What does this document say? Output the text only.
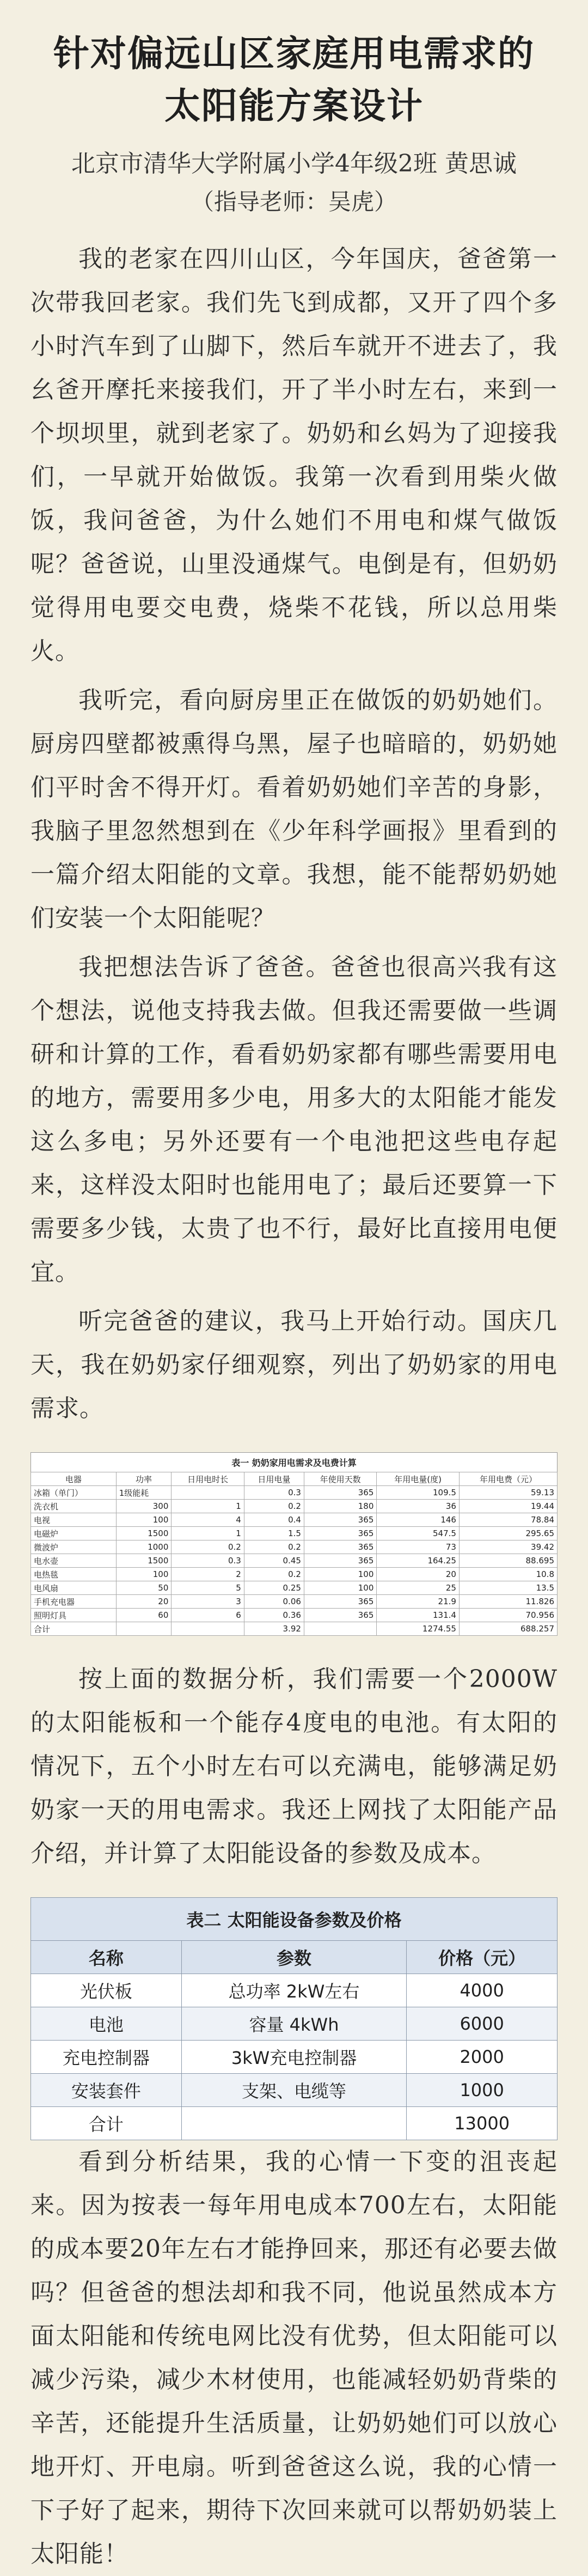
针对偏远山区家庭用电需求的
太阳能方案设计

北京市清华大学附属小学4年级2班 黄思诚

（指导老师：吴虎）

我的老家在四川山区，今年国庆，爸爸第一次带我回老家。我们先飞到成都，又开了四个多小时汽车到了山脚下，然后车就开不进去了，我幺爸开摩托来接我们，开了半小时左右，来到一个坝坝里，就到老家了。奶奶和幺妈为了迎接我们，一早就开始做饭。我第一次看到用柴火做饭，我问爸爸，为什么她们不用电和煤气做饭呢？爸爸说，山里没通煤气。电倒是有，但奶奶觉得用电要交电费，烧柴不花钱，所以总用柴火。

我听完，看向厨房里正在做饭的奶奶她们。厨房四壁都被熏得乌黑，屋子也暗暗的，奶奶她们平时舍不得开灯。看着奶奶她们辛苦的身影，我脑子里忽然想到在《少年科学画报》里看到的一篇介绍太阳能的文章。我想，能不能帮奶奶她们安装一个太阳能呢？

我把想法告诉了爸爸。爸爸也很高兴我有这个想法，说他支持我去做。但我还需要做一些调研和计算的工作，看看奶奶家都有哪些需要用电的地方，需要用多少电，用多大的太阳能才能发这么多电；另外还要有一个电池把这些电存起来，这样没太阳时也能用电了；最后还要算一下需要多少钱，太贵了也不行，最好比直接用电便宜。

听完爸爸的建议，我马上开始行动。国庆几天，我在奶奶家仔细观察，列出了奶奶家的用电需求。

表一 奶奶家用电需求及电费计算
电器	功率	日用电时长	日用电量	年使用天数	年用电量(度)	年用电费（元）
冰箱（单门）	1级能耗		0.3	365	109.5	59.13
洗衣机	300	1	0.2	180	36	19.44
电视	100	4	0.4	365	146	78.84
电磁炉	1500	1	1.5	365	547.5	295.65
微波炉	1000	0.2	0.2	365	73	39.42
电水壶	1500	0.3	0.45	365	164.25	88.695
电热毯	100	2	0.2	100	20	10.8
电风扇	50	5	0.25	100	25	13.5
手机充电器	20	3	0.06	365	21.9	11.826
照明灯具	60	6	0.36	365	131.4	70.956
合计			3.92		1274.55	688.257

按上面的数据分析，我们需要一个2000W的太阳能板和一个能存4度电的电池。有太阳的情况下，五个小时左右可以充满电，能够满足奶奶家一天的用电需求。我还上网找了太阳能产品介绍，并计算了太阳能设备的参数及成本。

表二 太阳能设备参数及价格
名称	参数	价格（元）
光伏板	总功率 2kW左右	4000
电池	容量 4kWh	6000
充电控制器	3kW充电控制器	2000
安装套件	支架、电缆等	1000
合计		13000

看到分析结果，我的心情一下变的沮丧起来。因为按表一每年用电成本700左右，太阳能的成本要20年左右才能挣回来，那还有必要去做吗？但爸爸的想法却和我不同，他说虽然成本方面太阳能和传统电网比没有优势，但太阳能可以减少污染，减少木材使用，也能减轻奶奶背柴的辛苦，还能提升生活质量，让奶奶她们可以放心地开灯、开电扇。听到爸爸这么说，我的心情一下子好了起来，期待下次回来就可以帮奶奶装上太阳能！
